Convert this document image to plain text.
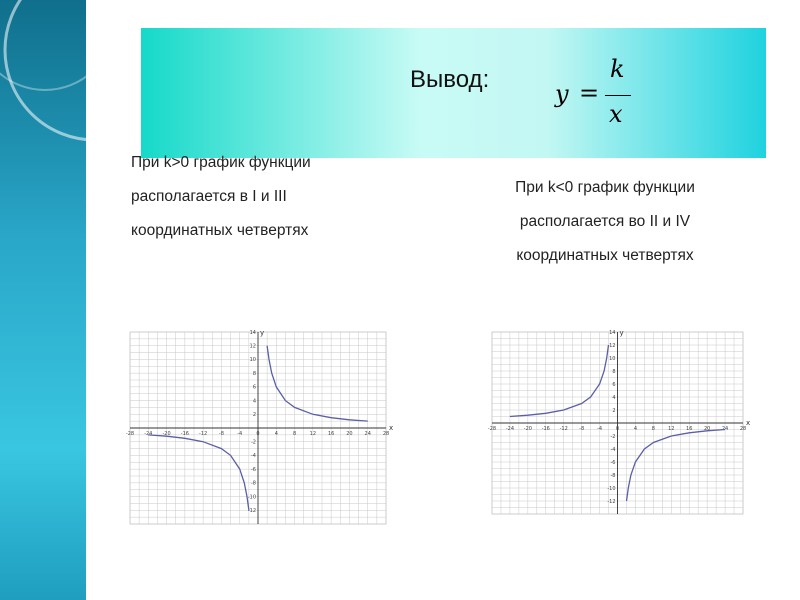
Вывод:
y =
k
x
При k>0 график функции
располагается в I и III
координатных четвертях
При k<0 график функции
располагается во II и IV
координатных четвертях
-28 -24 -20 -16 -12 -8	-4	0	4	8	12 16 20 24 28
-12
-10
-8
-6
-4
-2
2
4
6
8
10
12
14
x
y
-28 -24 -20 -16 -12 -8	-4	0	4	8	12 16 20 24 28
-12
-10
-8
-6
-4
-2
2
4
6
8
10
12
14
x
y
